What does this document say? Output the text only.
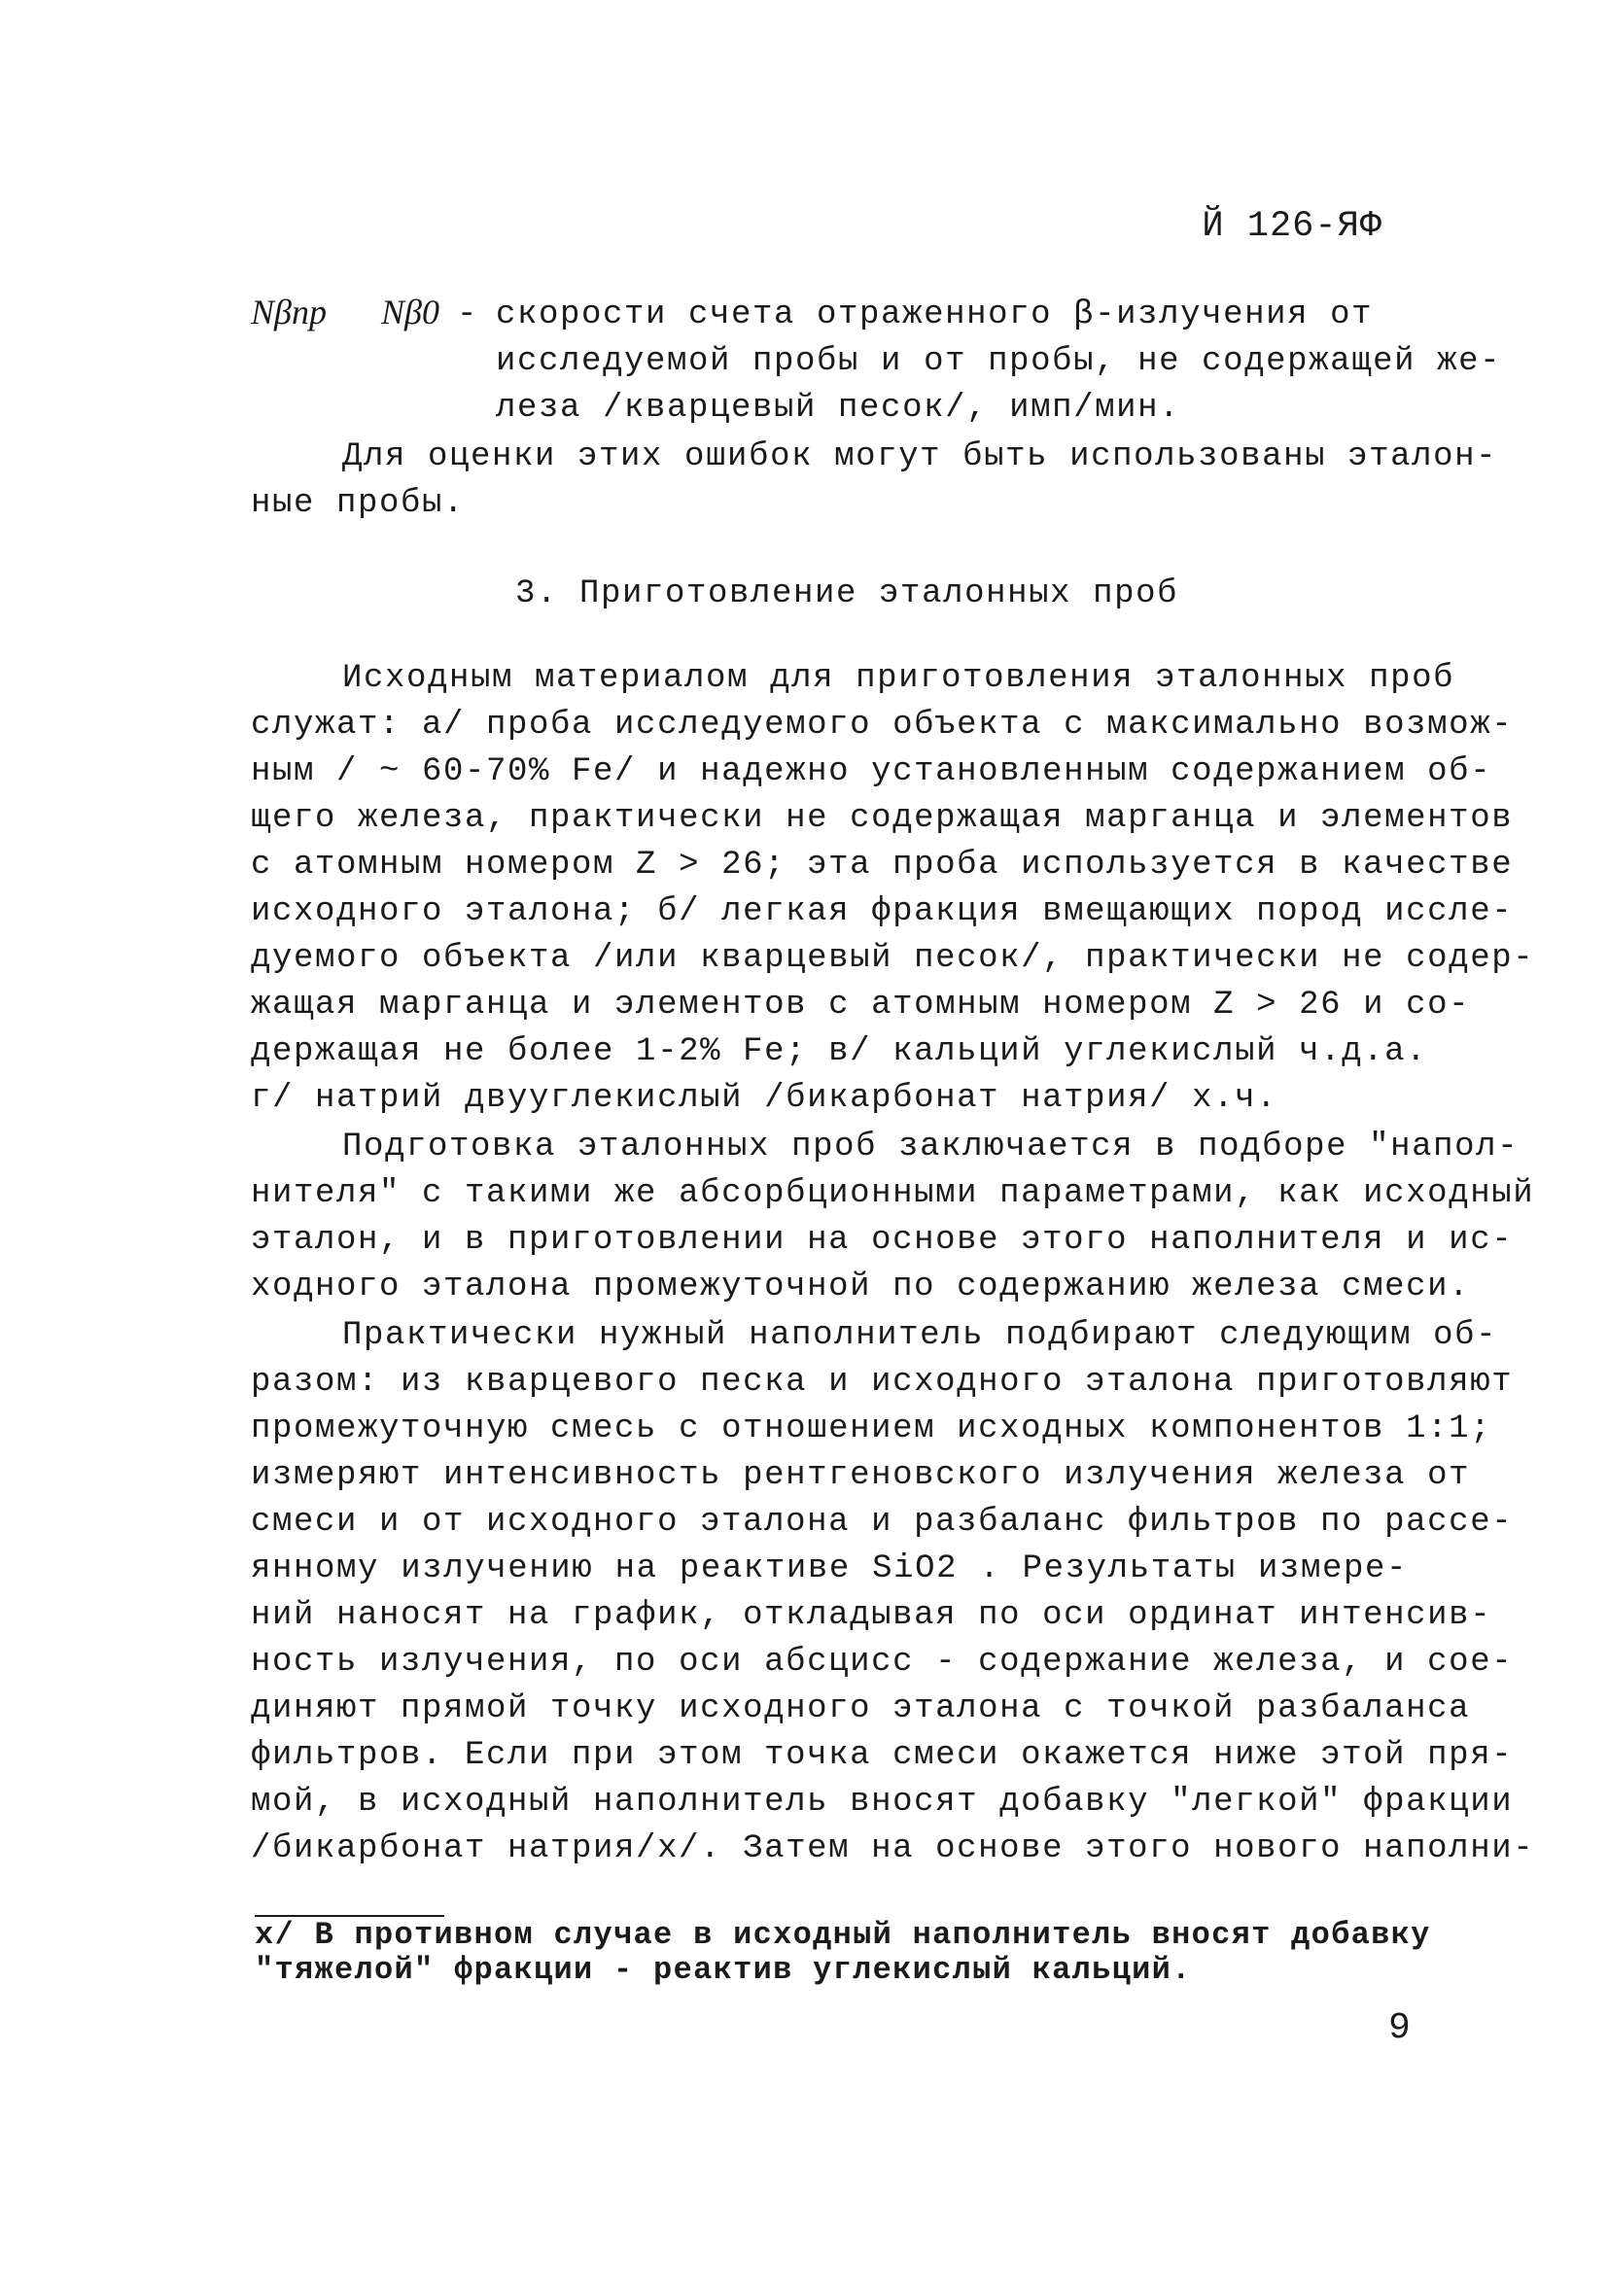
Й 126-ЯФ
Nβпр Nβ0 - скорости счета отраженного β-излучения от
исследуемой пробы и от пробы, не содержащей же-
леза /кварцевый песок/, имп/мин.
Для оценки этих ошибок могут быть использованы эталон-
ные пробы.
3. Приготовление эталонных проб
Исходным материалом для приготовления эталонных проб
служат: а/ проба исследуемого объекта с максимально возмож-
ным / ~ 60-70% Fe/ и надежно установленным содержанием об-
щего железа, практически не содержащая марганца и элементов
с атомным номером Z > 26; эта проба используется в качестве
исходного эталона; б/ легкая фракция вмещающих пород иссле-
дуемого объекта /или кварцевый песок/, практически не содер-
жащая марганца и элементов с атомным номером Z > 26 и со-
держащая не более 1-2% Fe; в/ кальций углекислый ч.д.а.
г/ натрий двууглекислый /бикарбонат натрия/ х.ч.
Подготовка эталонных проб заключается в подборе "напол-
нителя" с такими же абсорбционными параметрами, как исходный
эталон, и в приготовлении на основе этого наполнителя и ис-
ходного эталона промежуточной по содержанию железа смеси.
Практически нужный наполнитель подбирают следующим об-
разом: из кварцевого песка и исходного эталона приготовляют
промежуточную смесь с отношением исходных компонентов 1:1;
измеряют интенсивность рентгеновского излучения железа от
смеси и от исходного эталона и разбаланс фильтров по рассе-
янному излучению на реактиве SiO2 . Результаты измере-
ний наносят на график, откладывая по оси ординат интенсив-
ность излучения, по оси абсцисс - содержание железа, и сое-
диняют прямой точку исходного эталона с точкой разбаланса
фильтров. Если при этом точка смеси окажется ниже этой пря-
мой, в исходный наполнитель вносят добавку "легкой" фракции
/бикарбонат натрия/x/. Затем на основе этого нового наполни-
x/ В противном случае в исходный наполнитель вносят добавку
"тяжелой" фракции - реактив углекислый кальций.
9
